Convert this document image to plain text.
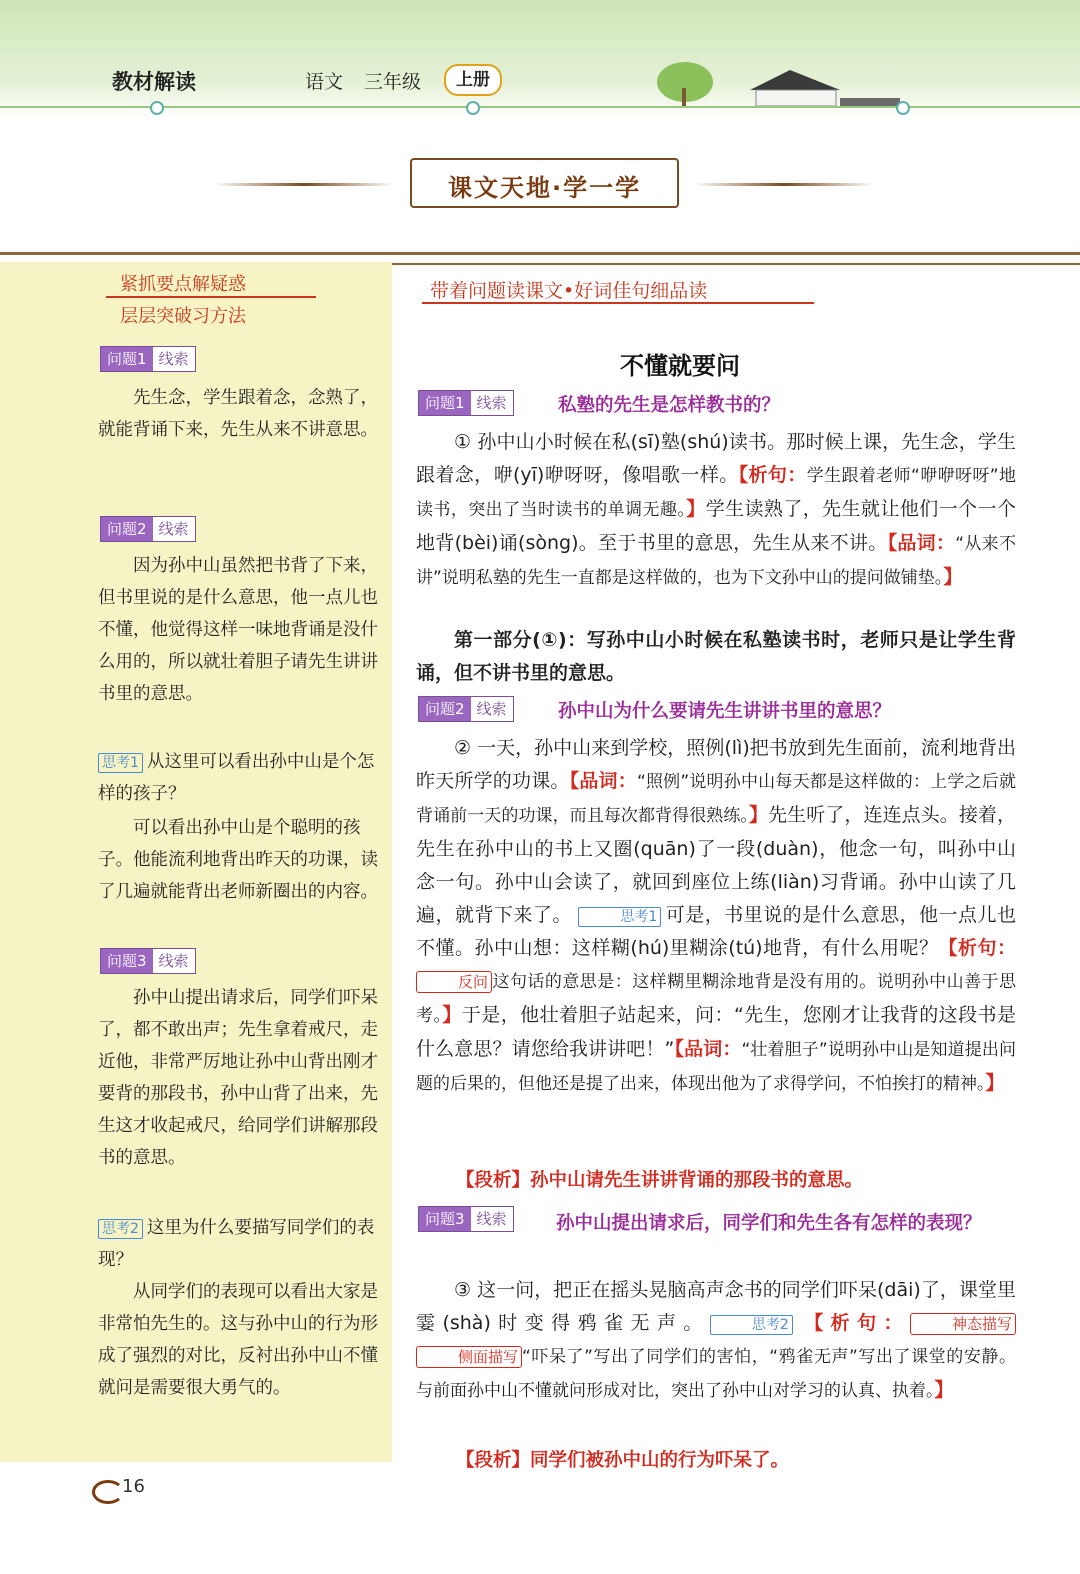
教材解读	语文 三年级	上册
课文天地·学一学
紧抓要点解疑惑
层层突破习方法
问题1 线索
先生念，学生跟着念，念熟了，就能背诵下来，先生从来不讲意思。
问题2 线索
因为孙中山虽然把书背了下来，但书里说的是什么意思，他一点儿也不懂，他觉得这样一味地背诵是没什么用的，所以就壮着胆子请先生讲讲书里的意思。
思考1 从这里可以看出孙中山是个怎样的孩子？
可以看出孙中山是个聪明的孩子。他能流利地背出昨天的功课，读了几遍就能背出老师新圈出的内容。
问题3 线索
孙中山提出请求后，同学们吓呆了，都不敢出声；先生拿着戒尺，走近他，非常严厉地让孙中山背出刚才要背的那段书，孙中山背了出来，先生这才收起戒尺，给同学们讲解那段书的意思。
思考2 这里为什么要描写同学们的表现？
从同学们的表现可以看出大家是非常怕先生的。这与孙中山的行为形成了强烈的对比，反衬出孙中山不懂就问是需要很大勇气的。
带着问题读课文•好词佳句细品读
不懂就要问
问题1 线索	私塾的先生是怎样教书的？
① 孙中山小时候在私(sī)塾(shú)读书。那时候上课，先生念，学生跟着念，咿(yī)咿呀呀，像唱歌一样。【析句：学生跟着老师“咿咿呀呀”地读书，突出了当时读书的单调无趣。】学生读熟了，先生就让他们一个一个地背(bèi)诵(sòng)。至于书里的意思，先生从来不讲。【品词：“从来不讲”说明私塾的先生一直都是这样做的，也为下文孙中山的提问做铺垫。】
第一部分(①)：写孙中山小时候在私塾读书时，老师只是让学生背诵，但不讲书里的意思。
问题2 线索	孙中山为什么要请先生讲讲书里的意思？
② 一天，孙中山来到学校，照例(lì)把书放到先生面前，流利地背出昨天所学的功课。【品词：“照例”说明孙中山每天都是这样做的：上学之后就背诵前一天的功课，而且每次都背得很熟练。】先生听了，连连点头。接着，先生在孙中山的书上又圈(quān)了一段(duàn)，他念一句，叫孙中山念一句。孙中山会读了，就回到座位上练(liàn)习背诵。孙中山读了几遍，就背下来了。	思考1 可是，书里说的是什么意思，他一点儿也不懂。孙中山想：这样糊(hú)里糊涂(tú)地背，有什么用呢？【析句：反问 这句话的意思是：这样糊里糊涂地背是没有用的。说明孙中山善于思考。】于是，他壮着胆子站起来，问：“先生，您刚才让我背的这段书是什么意思？请您给我讲讲吧！”【品词：“壮着胆子”说明孙中山是知道提出问题的后果的，但他还是提了出来，体现出他为了求得学问，不怕挨打的精神。】
【段析】孙中山请先生讲讲背诵的那段书的意思。
问题3 线索	孙中山提出请求后，同学们和先生各有怎样的表现？
③ 这一问，把正在摇头晃脑高声念书的同学们吓呆(dāi)了，课堂里霎(shà)时变得鸦雀无声。	思考2 【析句：	神态描写 侧面描写 “吓呆了”写出了同学们的害怕，“鸦雀无声”写出了课堂的安静。与前面孙中山不懂就问形成对比，突出了孙中山对学习的认真、执着。】
【段析】同学们被孙中山的行为吓呆了。
16
